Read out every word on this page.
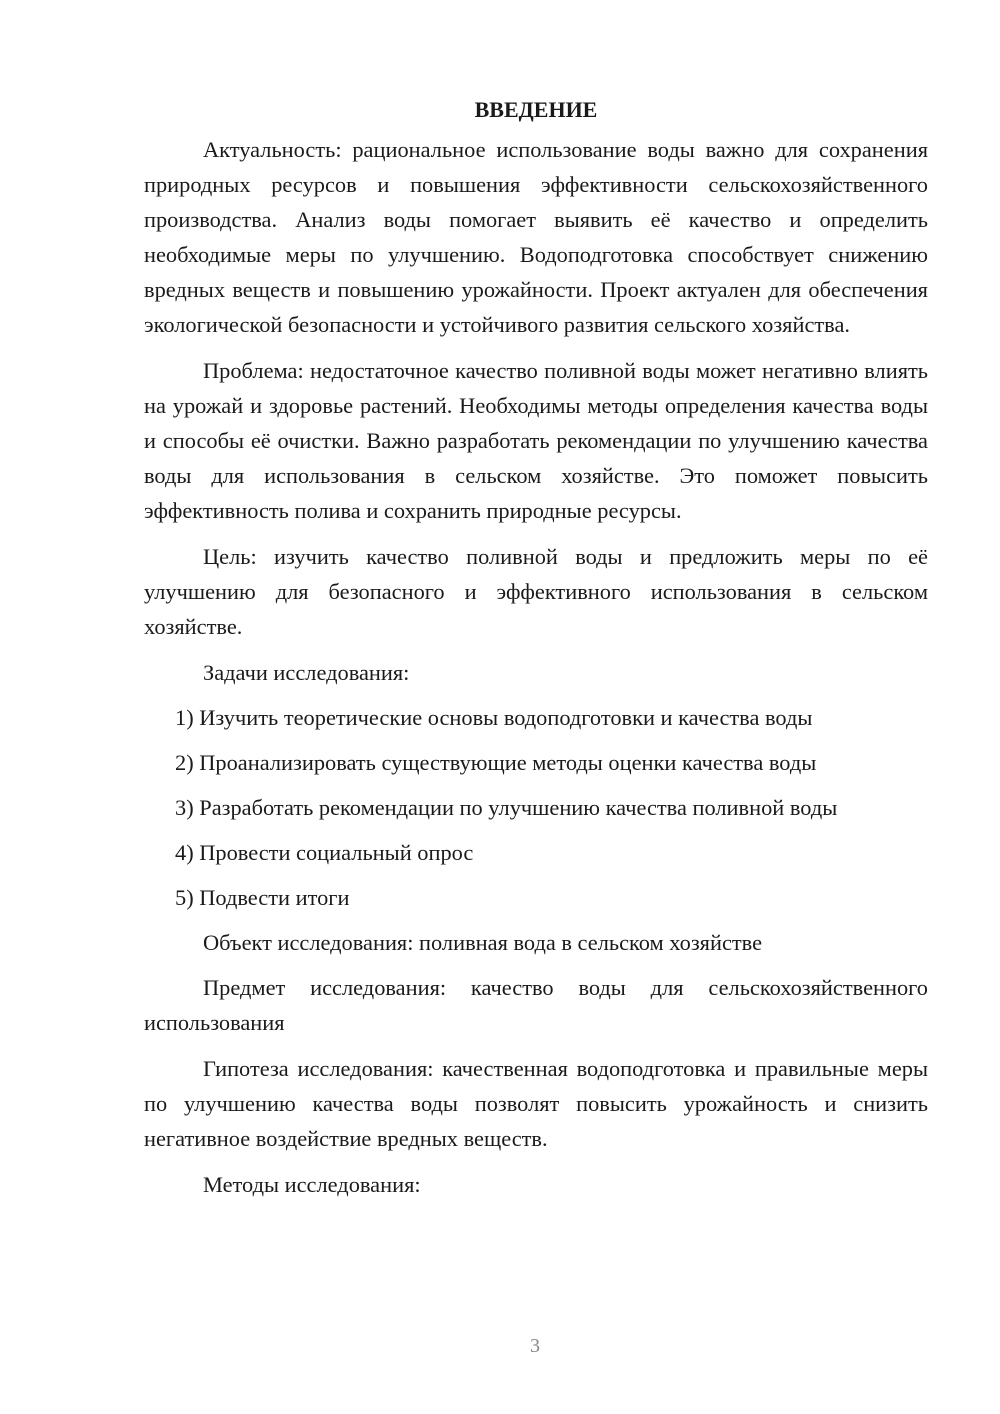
ВВЕДЕНИЕ

Актуальность: рациональное использование воды важно для сохранения природных ресурсов и повышения эффективности сельскохозяйственного производства. Анализ воды помогает выявить её качество и определить необходимые меры по улучшению. Водоподготовка способствует снижению вредных веществ и повышению урожайности. Проект актуален для обеспечения экологической безопасности и устойчивого развития сельского хозяйства.

Проблема: недостаточное качество поливной воды может негативно влиять на урожай и здоровье растений. Необходимы методы определения качества воды и способы её очистки. Важно разработать рекомендации по улучшению качества воды для использования в сельском хозяйстве. Это поможет повысить эффективность полива и сохранить природные ресурсы.

Цель: изучить качество поливной воды и предложить меры по её улучшению для безопасного и эффективного использования в сельском хозяйстве.

Задачи исследования:

1) Изучить теоретические основы водоподготовки и качества воды
2) Проанализировать существующие методы оценки качества воды
3) Разработать рекомендации по улучшению качества поливной воды
4) Провести социальный опрос
5) Подвести итоги

Объект исследования: поливная вода в сельском хозяйстве

Предмет исследования: качество воды для сельскохозяйственного использования

Гипотеза исследования: качественная водоподготовка и правильные меры по улучшению качества воды позволят повысить урожайность и снизить негативное воздействие вредных веществ.

Методы исследования:

3
